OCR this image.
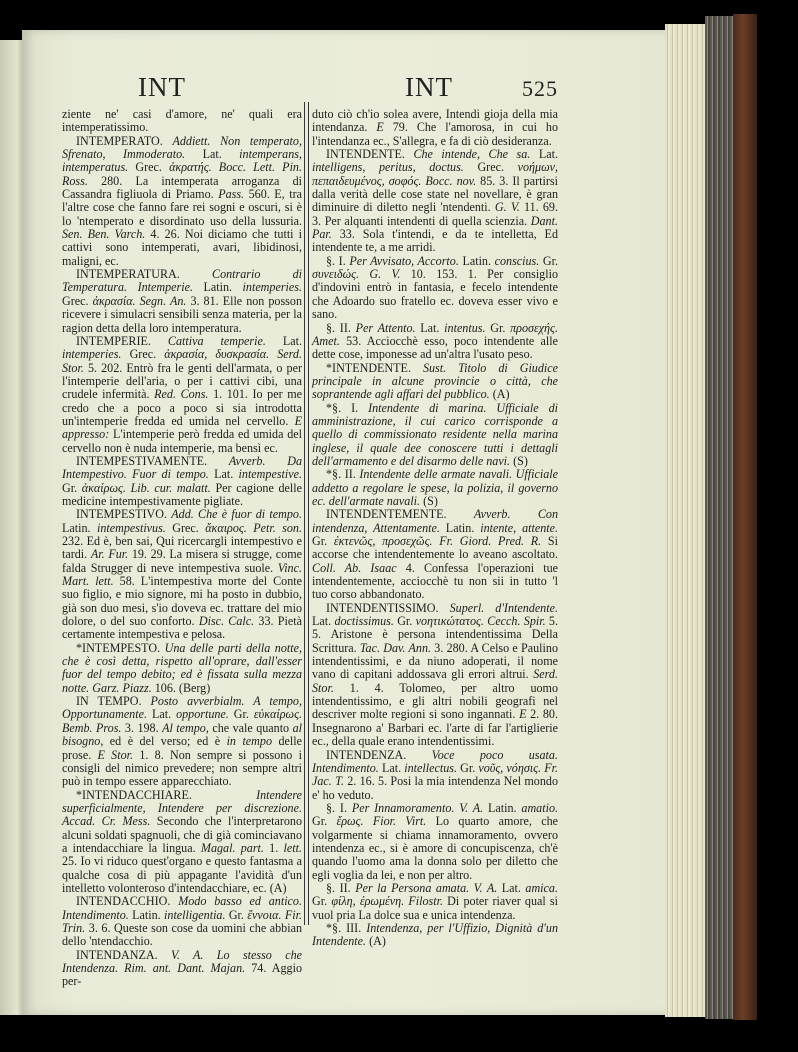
INT	INT	525

ziente ne' casi d'amore, ne' quali era intemperatissimo.

INTEMPERATO. Addiett. Non temperato, Sfrenato, Immoderato. Lat. intemperans, intemperatus. Grec. ἀκρατής. Bocc. Lett. Pin. Ross. 280. La intemperata arroganza di Cassandra figliuola di Priamo. Pass. 560. E, tra l'altre cose che fanno fare rei sogni e oscuri, si è lo 'ntemperato e disordinato uso della lussuria. Sen. Ben. Varch. 4. 26. Noi diciamo che tutti i cattivi sono intemperati, avari, libidinosi, maligni, ec.

INTEMPERATURA. Contrario di Temperatura. Intemperie. Latin. intemperies. Grec. ἀκρασία. Segn. An. 3. 81. Elle non posson ricevere i simulacri sensibili senza materia, per la ragion detta della loro intemperatura.

INTEMPERIE. Cattiva temperie. Lat. intemperies. Grec. ἀκρασία, δυσκρασία. Serd. Stor. 5. 202. Entrò fra le genti dell'armata, o per l'intemperie dell'aria, o per i cattivi cibi, una crudele infermità. Red. Cons. 1. 101. Io per me credo che a poco a poco si sia introdotta un'intemperie fredda ed umida nel cervello. E appresso: L'intemperie però fredda ed umida del cervello non è nuda intemperie, ma bensì ec.

INTEMPESTIVAMENTE. Avverb. Da Intempestivo. Fuor di tempo. Lat. intempestive. Gr. ἀκαίρως. Lib. cur. malatt. Per cagione delle medicine intempestivamente pigliate.

INTEMPESTIVO. Add. Che è fuor di tempo. Latin. intempestivus. Grec. ἄκαιρος. Petr. son. 232. Ed è, ben sai, Qui ricercargli intempestivo e tardi. Ar. Fur. 19. 29. La misera si strugge, come falda Strugger di neve intempestiva suole. Vinc. Mart. lett. 58. L'intempestiva morte del Conte suo figlio, e mio signore, mi ha posto in dubbio, già son duo mesi, s'io doveva ec. trattare del mio dolore, o del suo conforto. Disc. Calc. 33. Pietà certamente intempestiva e pelosa.

*INTEMPESTO. Una delle parti della notte, che è così detta, rispetto all'oprare, dall'esser fuor del tempo debito; ed è fissata sulla mezza notte. Garz. Piazz. 106. (Berg)

IN TEMPO. Posto avverbialm. A tempo, Opportunamente. Lat. opportune. Gr. εὐκαίρως. Bemb. Pros. 3. 198. Al tempo, che vale quanto al bisogno, ed è del verso; ed è in tempo delle prose. E Stor. 1. 8. Non sempre si possono i consigli del nimico prevedere; non sempre altri può in tempo essere apparecchiato.

*INTENDACCHIARE. Intendere superficialmente, Intendere per discrezione. Accad. Cr. Mess. Secondo che l'interpretarono alcuni soldati spagnuoli, che di già cominciavano a intendacchiare la lingua. Magal. part. 1. lett. 25. Io vi riduco quest'organo e questo fantasma a qualche cosa di più appagante l'avidità d'un intelletto volonteroso d'intendacchiare, ec. (A)

INTENDACCHIO. Modo basso ed antico. Intendimento. Latin. intelligentia. Gr. ἔννοια. Fir. Trin. 3. 6. Queste son cose da uomini che abbian dello 'ntendacchio.

INTENDANZA. V. A. Lo stesso che Intendenza. Rim. ant. Dant. Majan. 74. Aggio per-

duto ciò ch'io solea avere, Intendi gioja della mia intendanza. E 79. Che l'amorosa, in cui ho l'intendanza ec., S'allegra, e fa di ciò desideranza.

INTENDENTE. Che intende, Che sa. Lat. intelligens, peritus, doctus. Grec. νοήμων, πεπαιδευμένος, σοφός. Bocc. nov. 85. 3. Il partirsi dalla verità delle cose state nel novellare, è gran diminuire di diletto negli 'ntendenti. G. V. 11. 69. 3. Per alquanti intendenti di quella scienzia. Dant. Par. 33. Sola t'intendi, e da te intelletta, Ed intendente te, a me arridi.

§. I. Per Avvisato, Accorto. Latin. conscius. Gr. συνειδώς. G. V. 10. 153. 1. Per consiglio d'indovini entrò in fantasia, e fecelo intendente che Adoardo suo fratello ec. doveva esser vivo e sano.

§. II. Per Attento. Lat. intentus. Gr. προσεχής. Amet. 53. Acciocchè esso, poco intendente alle dette cose, imponesse ad un'altra l'usato peso.

*INTENDENTE. Sust. Titolo di Giudice principale in alcune provincie o città, che soprantende agli affari del pubblico. (A)

*§. I. Intendente di marina. Ufficiale di amministrazione, il cui carico corrisponde a quello di commissionato residente nella marina inglese, il quale dee conoscere tutti i dettagli dell'armamento e del disarmo delle navi. (S)

*§. II. Intendente delle armate navali. Ufficiale addetto a regolare le spese, la polizia, il governo ec. dell'armate navali. (S)

INTENDENTEMENTE. Avverb. Con intendenza, Attentamente. Latin. intente, attente. Gr. ἐκτενῶς, προσεχῶς. Fr. Giord. Pred. R. Si accorse che intendentemente lo aveano ascoltato. Coll. Ab. Isaac 4. Confessa l'operazioni tue intendentemente, acciocchè tu non sii in tutto 'l tuo corso abbandonato.

INTENDENTISSIMO. Superl. d'Intendente. Lat. doctissimus. Gr. νοητικώτατος. Cecch. Spir. 5. 5. Aristone è persona intendentissima Della Scrittura. Tac. Dav. Ann. 3. 280. A Celso e Paulino intendentissimi, e da niuno adoperati, il nome vano di capitani addossava gli errori altrui. Serd. Stor. 1. 4. Tolomeo, per altro uomo intendentissimo, e gli altri nobili geografi nel descriver molte regioni si sono ingannati. E 2. 80. Insegnarono a' Barbari ec. l'arte di far l'artiglierie ec., della quale erano intendentissimi.

INTENDENZA. Voce poco usata. Intendimento. Lat. intellectus. Gr. νοῦς, νόησις. Fr. Jac. T. 2. 16. 5. Posi la mia intendenza Nel mondo e' ho veduto.

§. I. Per Innamoramento. V. A. Latin. amatio. Gr. ἔρως. Fior. Virt. Lo quarto amore, che volgarmente si chiama innamoramento, ovvero intendenza ec., si è amore di concupiscenza, ch'è quando l'uomo ama la donna solo per diletto che egli voglia da lei, e non per altro.

§. II. Per la Persona amata. V. A. Lat. amica. Gr. φίλη, ἐρωμένη. Filostr. Di poter riaver qual si vuol pria La dolce sua e unica intendenza.

*§. III. Intendenza, per l'Uffizio, Dignità d'un Intendente. (A)
